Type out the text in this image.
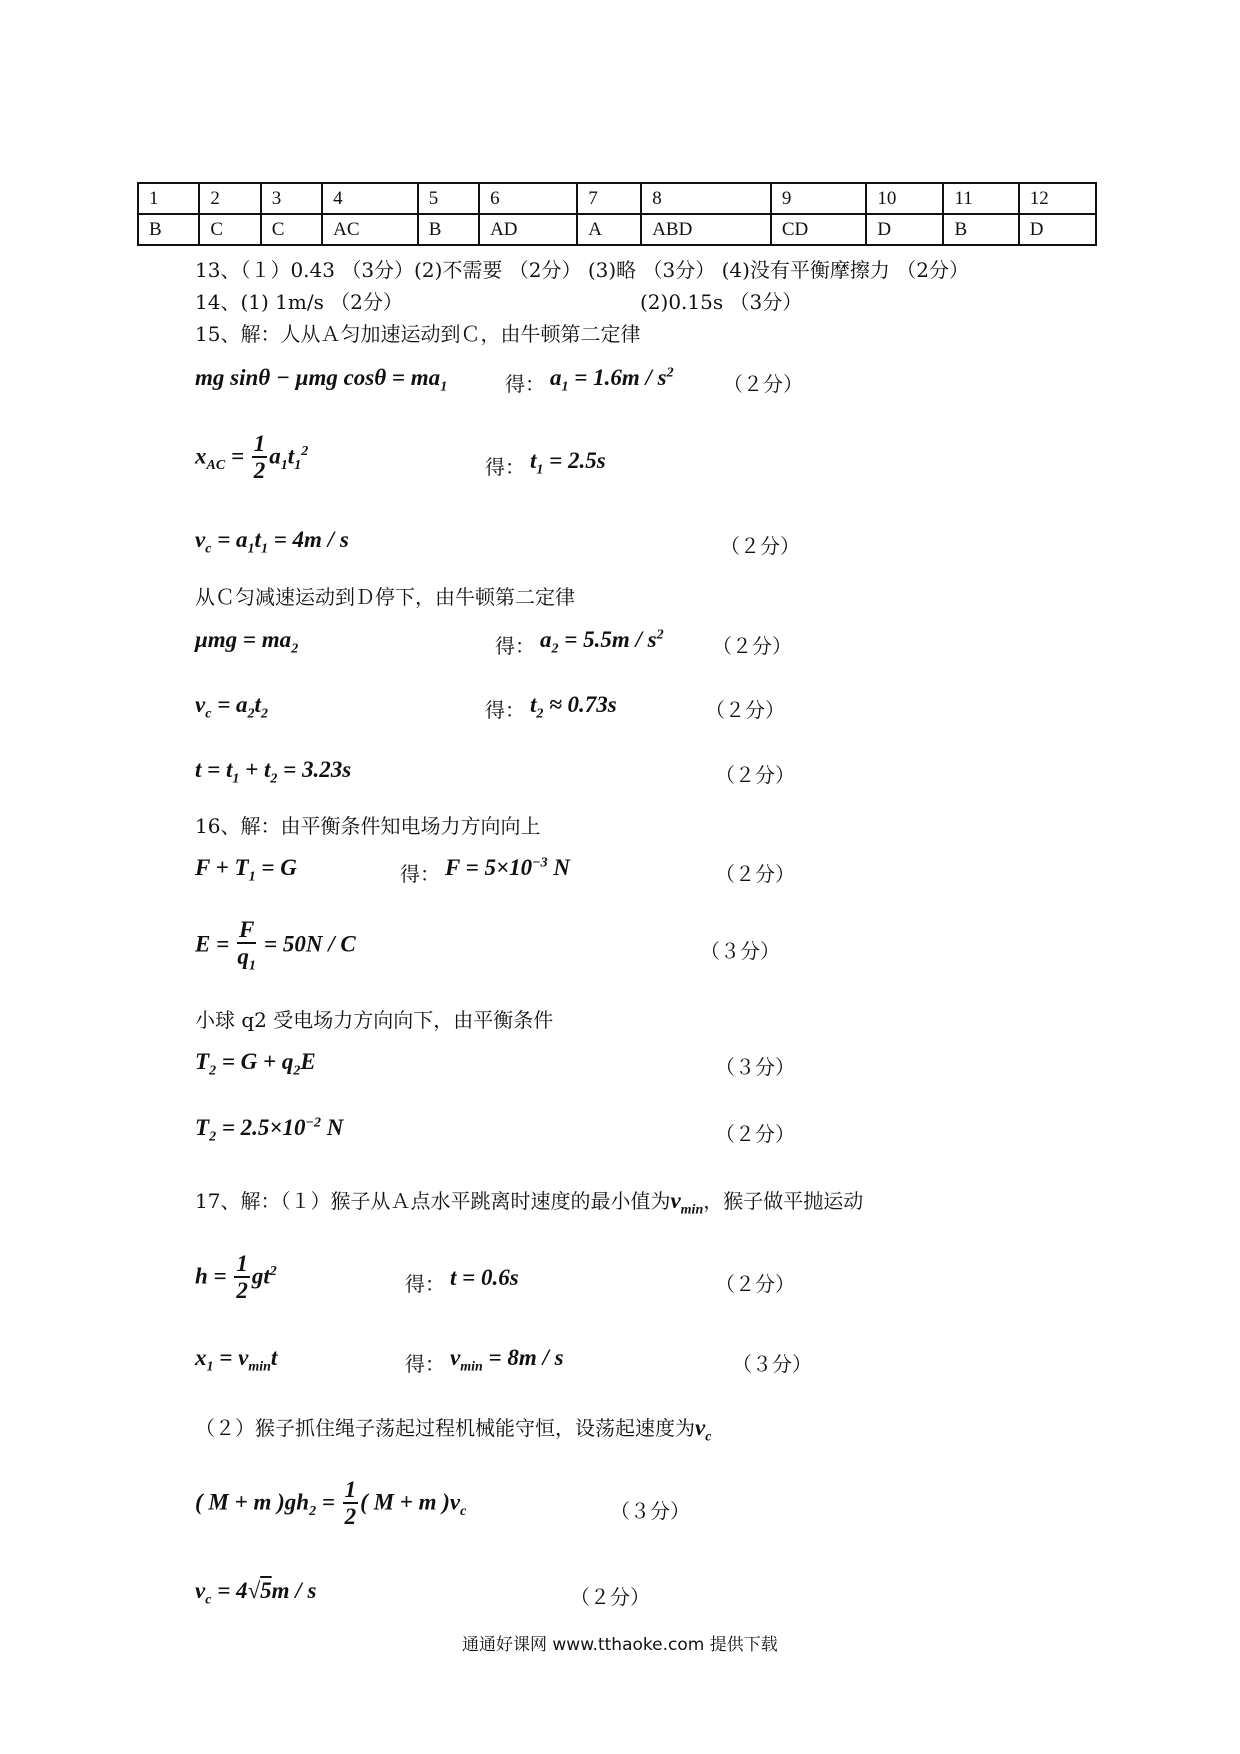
1	2	3	4	5	6	7	8	9	10	11	12
B	C	C	AC	B	AD	A	ABD	CD	D	B	D
13、（１）0.43 （3分）(2)不需要 （2分） (3)略 （3分） (4)没有平衡摩擦力 （2分）
14、(1) 1m/s （2分）	(2)0.15s （3分）
15、解：人从Ａ匀加速运动到Ｃ，由牛顿第二定律
mg sinθ − μmg $\cos\theta = ma_1$	得： $a_1 = 1.6m / s^2$ （２分）
$x_{AC} = \frac{1}{2} a_1t_1^2$
得： $t_1 = 2.5s$
$v_c = a_1t_1 = 4m / s$	（２分）
从Ｃ匀减速运动到Ｄ停下，由牛顿第二定律
$\mu mg = ma_2$	得： $a_2 = 5.5m / s^2$ （２分）
$v_c = a_2t_2$	得： $t_2 \approx 0.73s$	（２分）
$t = t_1 + t_2 = 3.23s$	（２分）
16、解：由平衡条件知电场力方向向上
$F + T_1 = G$	得： $F = 5\times 10^{-3}$ N	（２分）
$E = \frac{F}{q_1} = 50N / C$	（３分）
小球 q2 受电场力方向向下，由平衡条件
$T_2 = G + q_2E$	（３分）
$T_2 = 2.5\times 10^{-2}$ N	（２分）
17、解：（１）猴子从Ａ点水平跳离时速度的最小值为$v_{min}$，猴子做平抛运动
$h = \frac{1}{2} gt^2$
得： t = 0.6s	（２分）
$x_1 = v_{min}t$	得： $v_{min} = 8m / s$	（３分）
（２）猴子抓住绳子荡起过程机械能守恒，设荡起速度为$v_c$
( M + m )$gh_2 = \frac{1}{2}$ ( M + m )$v_c$	（３分）
$v_c = 4√5m / s$	（２分）
通通好课网 www.tthaoke.com 提供下载
